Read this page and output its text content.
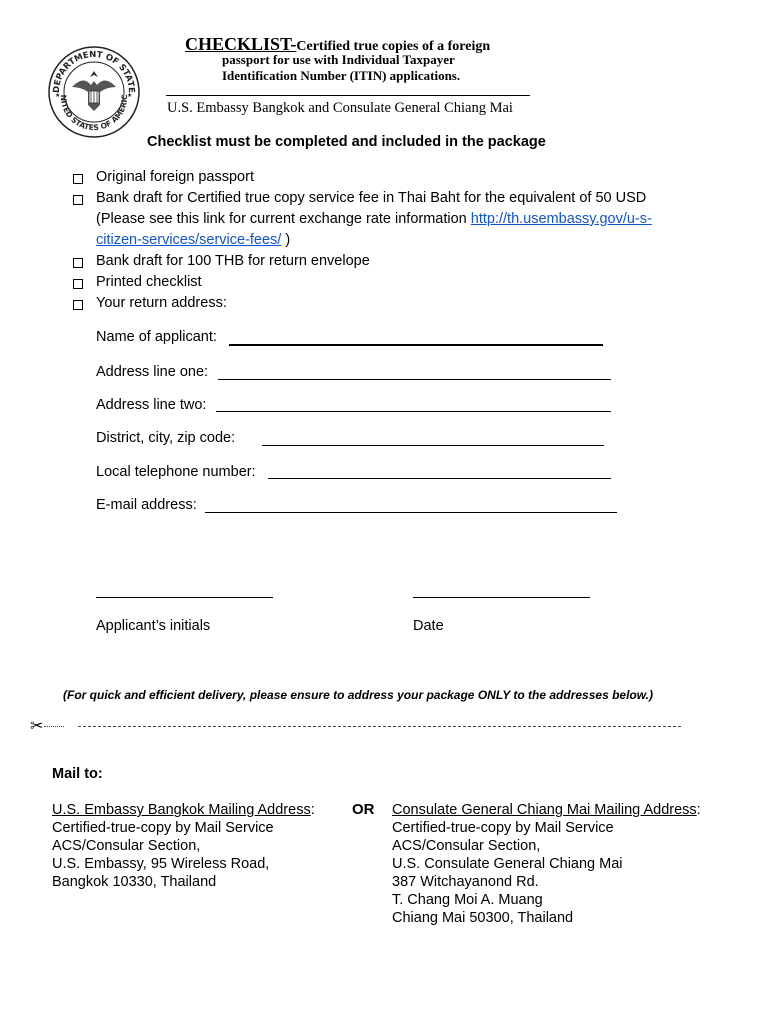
DEPARTMENT OF STATE
NITED STATES OF AMERIC
★	★
CHECKLIST-Certified true copies of a foreign
passport for use with Individual Taxpayer
Identification Number (ITIN) applications.
U.S. Embassy Bangkok and Consulate General Chiang Mai
Checklist must be completed and included in the package
Original foreign passport
Bank draft for Certified true copy service fee in Thai Baht for the equivalent of 50 USD
(Please see this link for current exchange rate information http://th.usembassy.gov/u-s-
citizen-services/service-fees/ )
Bank draft for 100 THB for return envelope
Printed checklist
Your return address:
Name of applicant:
Address line one:
Address line two:
District, city, zip code:
Local telephone number:
E-mail address:
Applicant’s initials	Date
(For quick and efficient delivery, please ensure to address your package ONLY to the addresses below.)
✂
Mail to:
U.S. Embassy Bangkok Mailing Address:
Certified-true-copy by Mail Service
ACS/Consular Section,
U.S. Embassy, 95 Wireless Road,
Bangkok 10330, Thailand
OR Consulate General Chiang Mai Mailing Address:
Certified-true-copy by Mail Service
ACS/Consular Section,
U.S. Consulate General Chiang Mai
387 Witchayanond Rd.
T. Chang Moi A. Muang
Chiang Mai 50300, Thailand
